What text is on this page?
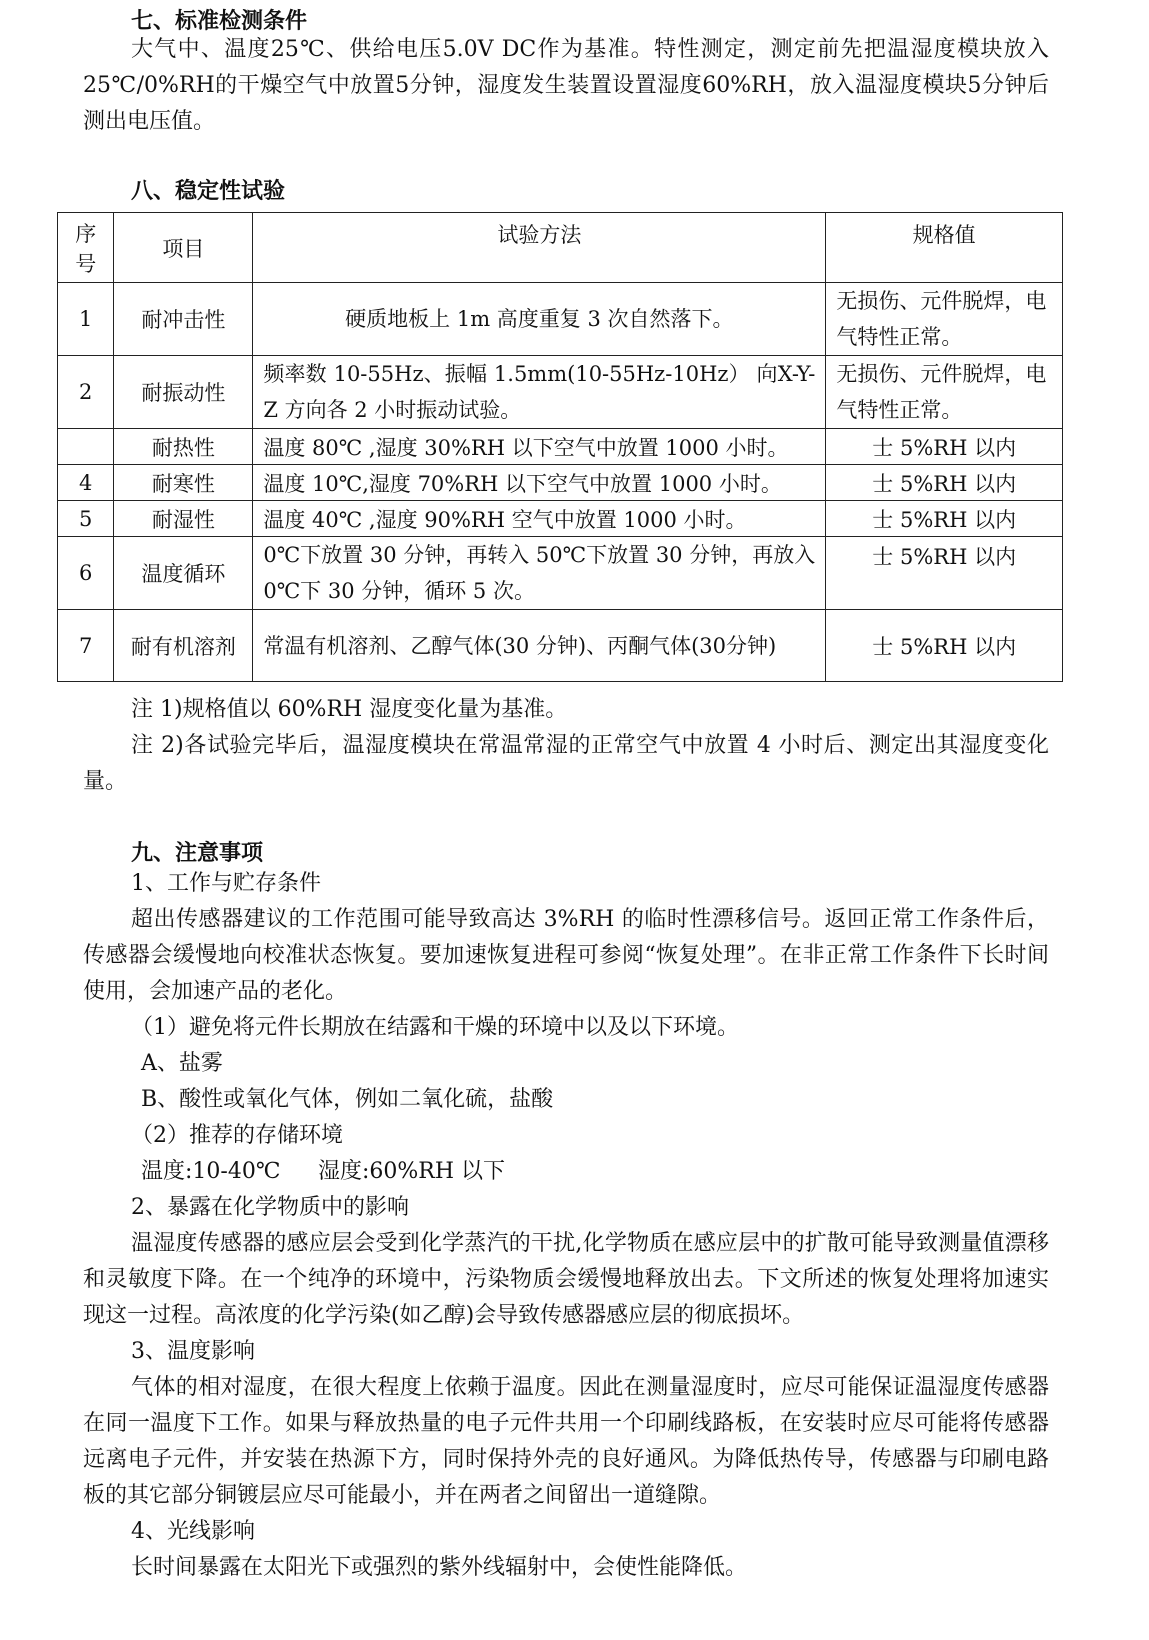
七、标准检测条件

大气中、温度25℃、供给电压5.0V DC作为基准。特性测定，测定前先把温湿度模块放入25℃/0%RH的干燥空气中放置5分钟，湿度发生装置设置湿度60%RH，放入温湿度模块5分钟后测出电压值。

八、稳定性试验
序号	项目	试验方法	规格值
1	耐冲击性	硬质地板上 1m 高度重复 3 次自然落下。	无损伤、元件脱焊，电气特性正常。
2	耐振动性	频率数 10-55Hz、振幅 1.5mm(10-55Hz-10Hz） 向X-Y-Z 方向各 2 小时振动试验。	无损伤、元件脱焊，电气特性正常。
	耐热性	温度 80℃ ,湿度 30%RH 以下空气中放置 1000 小时。	士 5%RH 以内
4	耐寒性	温度 10℃,湿度 70%RH 以下空气中放置 1000 小时。	士 5%RH 以内
5	耐湿性	温度 40℃ ,湿度 90%RH 空气中放置 1000 小时。	士 5%RH 以内
6	温度循环	0℃下放置 30 分钟，再转入 50℃下放置 30 分钟，再放入 0℃下 30 分钟，循环 5 次。	士 5%RH 以内
7	耐有机溶剂	常温有机溶剂、乙醇气体(30 分钟)、丙酮气体(30分钟)	士 5%RH 以内
注 1)规格值以 60%RH 湿度变化量为基准。

注 2)各试验完毕后，温湿度模块在常温常湿的正常空气中放置 4 小时后、测定出其湿度变化量。

九、注意事项
1、工作与贮存条件

超出传感器建议的工作范围可能导致高达 3%RH 的临时性漂移信号。返回正常工作条件后，传感器会缓慢地向校准状态恢复。要加速恢复进程可参阅“恢复处理”。在非正常工作条件下长时间使用，会加速产品的老化。

（1）避免将元件长期放在结露和干燥的环境中以及以下环境。
A、盐雾
B、酸性或氧化气体，例如二氧化硫，盐酸
（2）推荐的存储环境
温度:10-40℃ 湿度:60%RH 以下
2、暴露在化学物质中的影响

温湿度传感器的感应层会受到化学蒸汽的干扰,化学物质在感应层中的扩散可能导致测量值漂移和灵敏度下降。在一个纯净的环境中，污染物质会缓慢地释放出去。下文所述的恢复处理将加速实现这一过程。高浓度的化学污染(如乙醇)会导致传感器感应层的彻底损坏。

3、温度影响

气体的相对湿度，在很大程度上依赖于温度。因此在测量湿度时，应尽可能保证温湿度传感器在同一温度下工作。如果与释放热量的电子元件共用一个印刷线路板，在安装时应尽可能将传感器远离电子元件，并安装在热源下方，同时保持外壳的良好通风。为降低热传导，传感器与印刷电路板的其它部分铜镀层应尽可能最小，并在两者之间留出一道缝隙。

4、光线影响
长时间暴露在太阳光下或强烈的紫外线辐射中，会使性能降低。
